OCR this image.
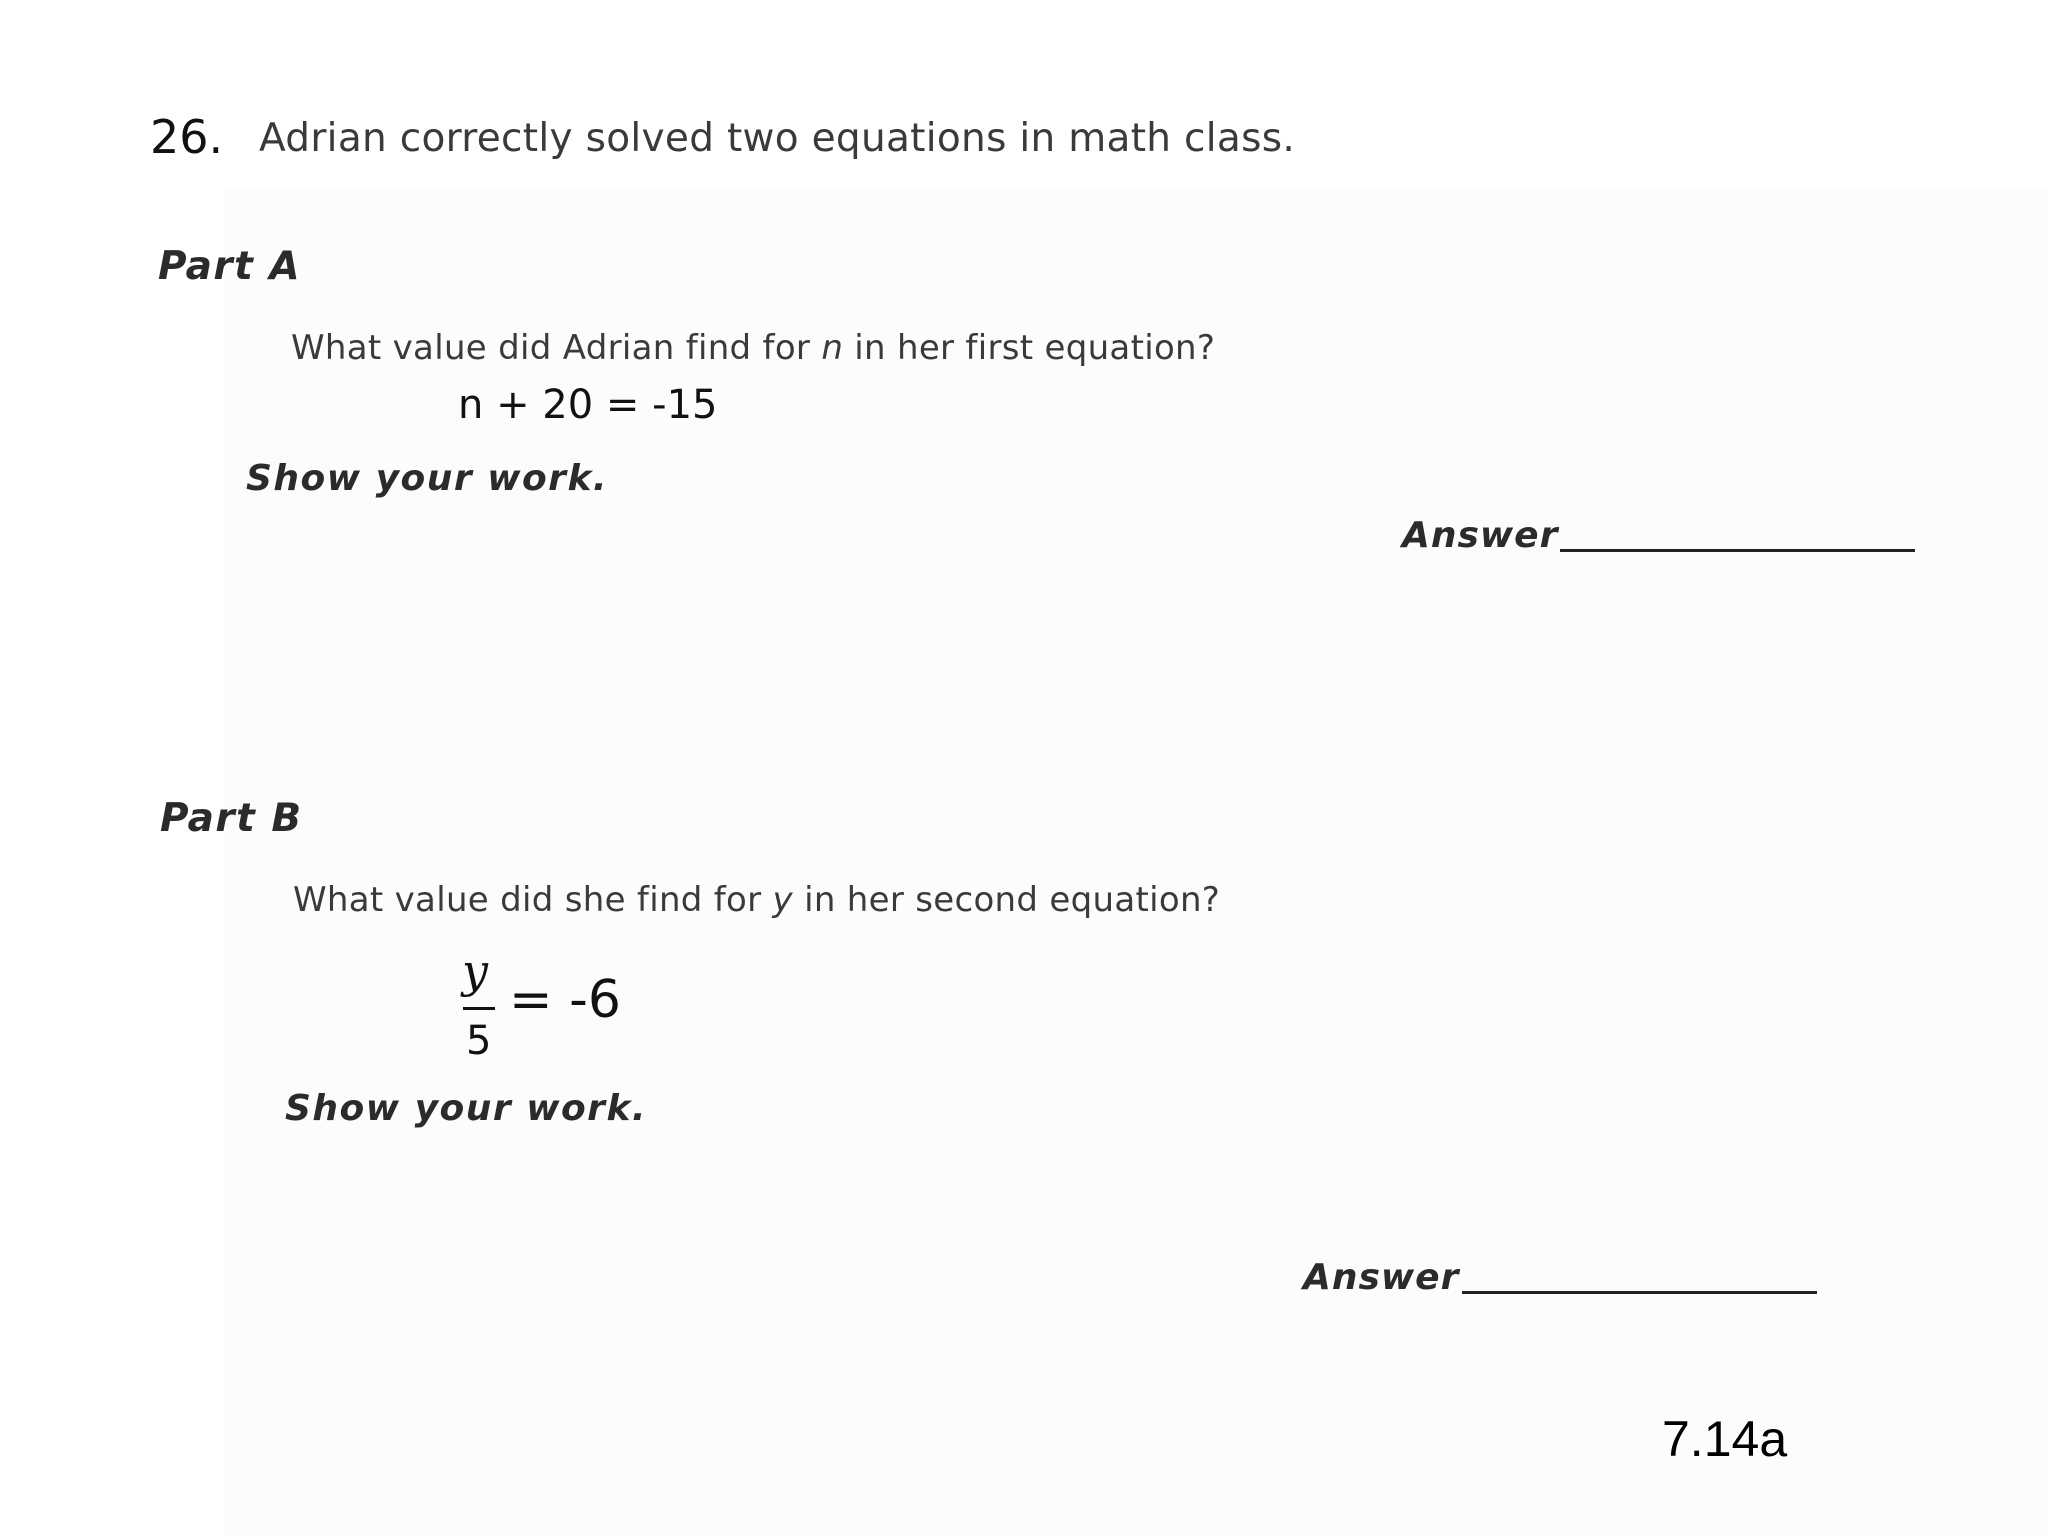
26. Adrian correctly solved two equations in math class.
Part A
What value did Adrian find for n in her first equation?
n + 20 = -15
Show your work.
Answer
Part B
What value did she find for y in her second equation?
y
5
= -6
Show your work.
Answer
7.14a
